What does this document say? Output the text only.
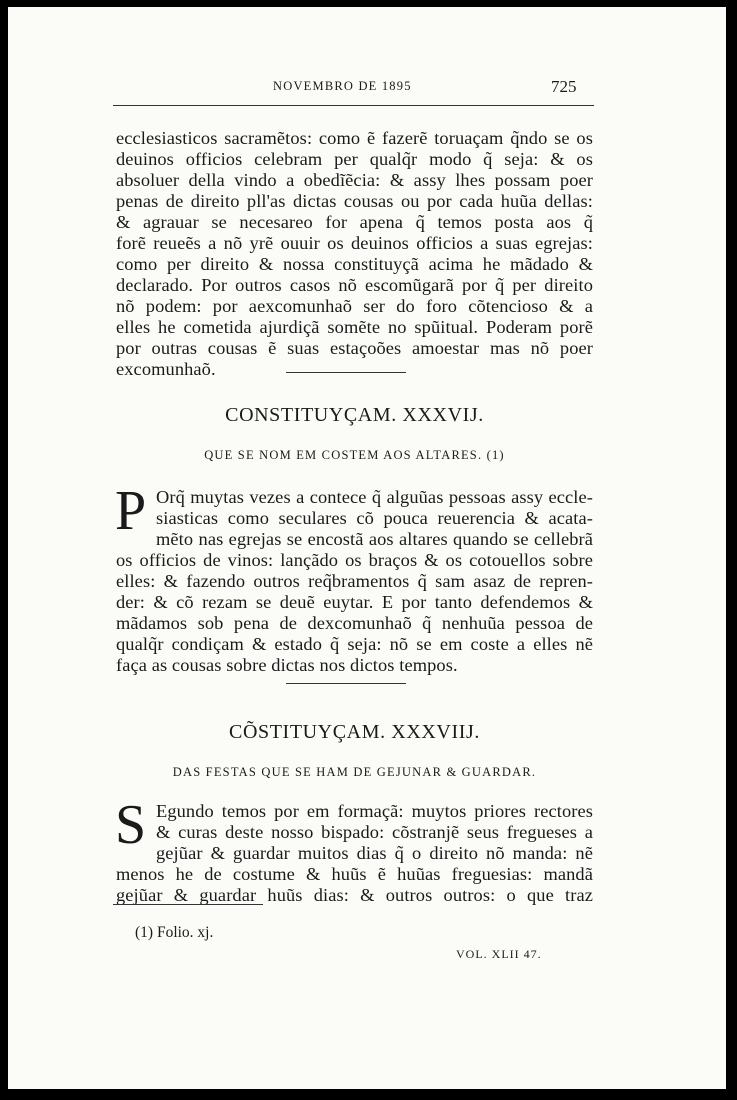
NOVEMBRO DE 1895	725
ecclesiasticos sacramẽtos: como ẽ fazerẽ toruaçam q̃ndo se os
deuinos officios celebram per qualq̃r modo q̃ seja: & os
absoluer della vindo a obedĩẽcia: & assy lhes possam poer
penas de direito pll'as dictas cousas ou por cada huũa dellas:
& agrauar se necesareo for apena q̃ temos posta aos q̃
forẽ reueẽs a nõ yrẽ ouuir os deuinos officios a suas egrejas:
como per direito & nossa constituyçã acima he mãdado &
declarado. Por outros casos nõ escomũgarã por q̃ per direito
nõ podem: por aexcomunhaõ ser do foro cõtencioso & a
elles he cometida ajurdiçã somẽte no spũitual. Poderam porẽ
por outras cousas ẽ suas estaçoões amoestar mas nõ poer
excomunhaõ.
CONSTITUYÇAM. XXXVIJ.
QUE SE NOM EM COSTEM AOS ALTARES. (1)
P Orq̃ muytas vezes a contece q̃ alguũas pessoas assy eccle-
siasticas como seculares cõ pouca reuerencia & acata-
mẽto nas egrejas se encostã aos altares quando se cellebrã
os officios de vinos: lançãdo os braços & os cotouellos sobre
elles: & fazendo outros req̃bramentos q̃ sam asaz de repren-
der: & cõ rezam se deuẽ euytar. E por tanto defendemos &
mãdamos sob pena de dexcomunhaõ q̃ nenhuũa pessoa de
qualq̃r condiçam & estado q̃ seja: nõ se em coste a elles nẽ
faça as cousas sobre dictas nos dictos tempos.
CÕSTITUYÇAM. XXXVIIJ.
DAS FESTAS QUE SE HAM DE GEJUNAR & GUARDAR.
S Egundo temos por em formaçã: muytos priores rectores
& curas deste nosso bispado: cõstranjẽ seus fregueses a
gejũar & guardar muitos dias q̃ o direito nõ manda: nẽ
menos he de costume & huũs ẽ huũas freguesias: mandã
gejũar & guardar huũs dias: & outros outros: o que traz
(1) Folio. xj.
VOL. XLII 47.
